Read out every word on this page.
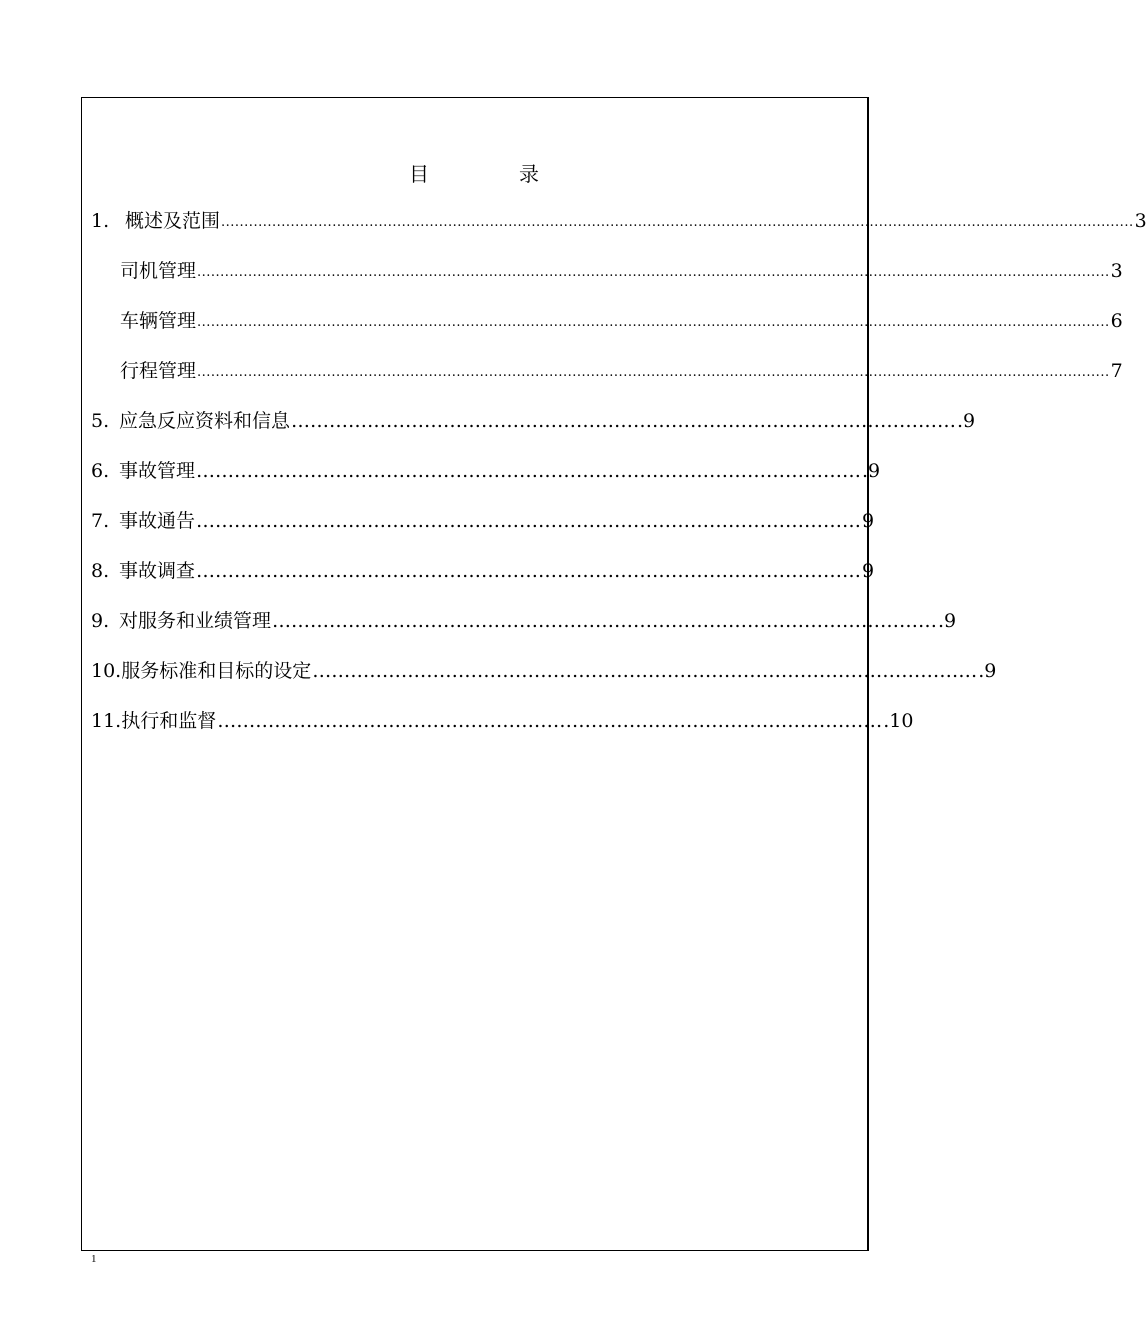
目	录
1. 概述及范围 ..................................................................................................................................................................................................... 3
司机管理 ..................................................................................................................................................................................................... 3
车辆管理 ..................................................................................................................................................................................................... 6
行程管理 ..................................................................................................................................................................................................... 7
5. 应急反应资料和信息 …………………………………………………………………………………………… .9
6. 事故管理 …………………………………………………………………………………………… .9
7. 事故通告 …………………………………………………………………………………………… 9
8. 事故调查 …………………………………………………………………………………………… 9
9. 对服务和业绩管理 …………………………………………………………………………………………… .9
10. 服务标准和目标的设定 …………………………………………………………………………………………… .9
11. 执行和监督 …………………………………………………………………………………………… .10
1
